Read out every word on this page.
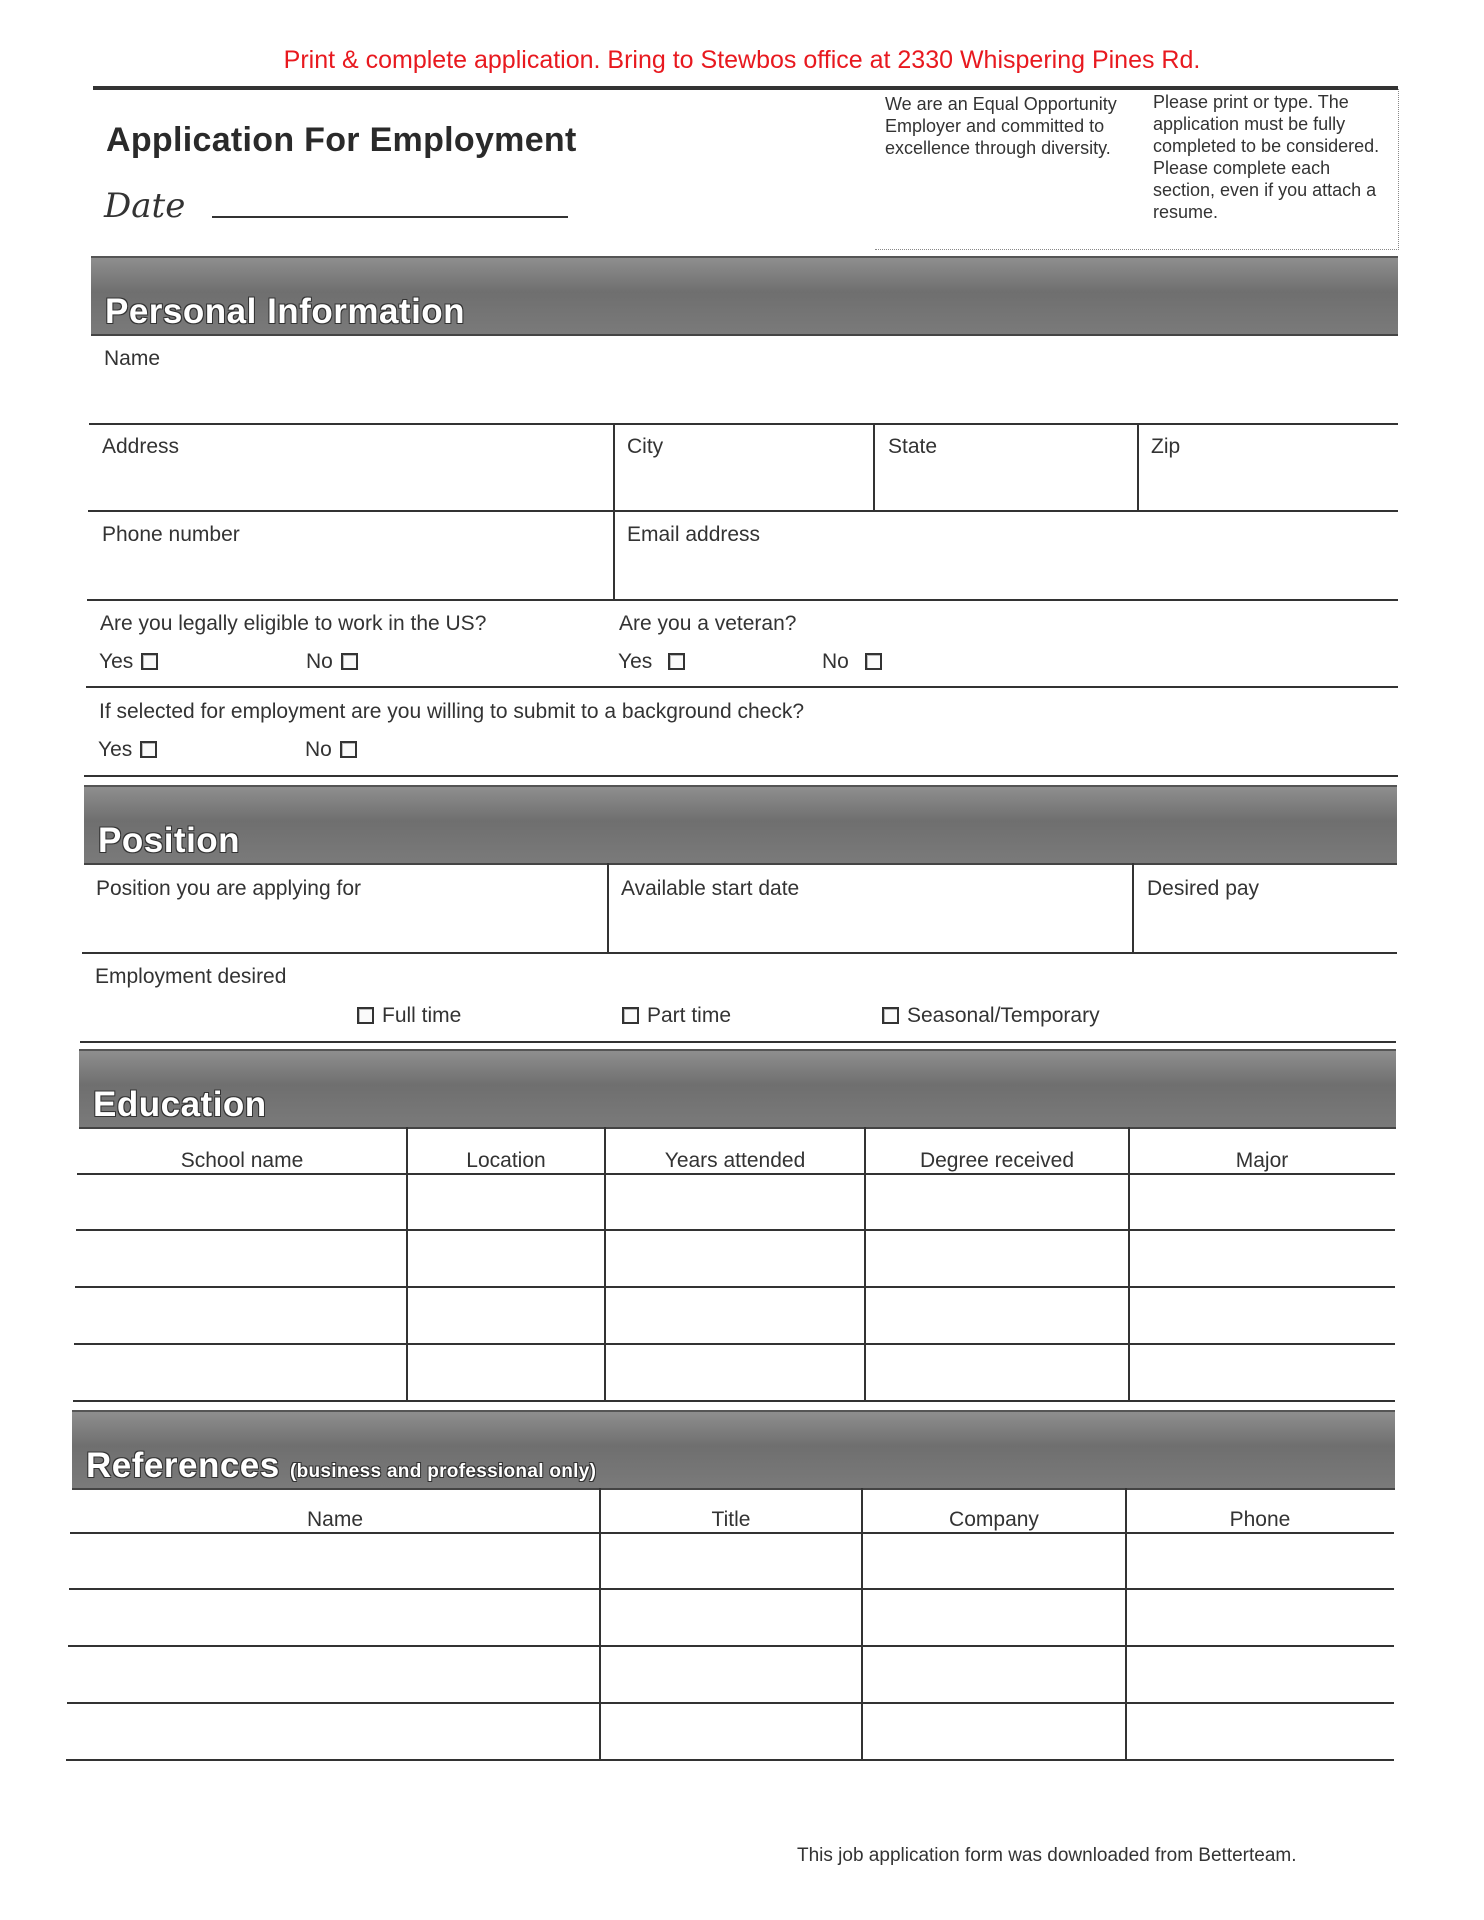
Print & complete application. Bring to Stewbos office at 2330 Whispering Pines Rd.
Application For Employment
Date
We are an Equal Opportunity Employer and committed to excellence through diversity.
Please print or type. The application must be fully completed to be considered. Please complete each section, even if you attach a resume.
Personal Information
Name
Address	City	State	Zip
Phone number	Email address
Are you legally eligible to work in the US?
Yes	No
Are you a veteran?
Yes	No
If selected for employment are you willing to submit to a background check?
Yes	No
Position
Position you are applying for	Available start date	Desired pay
Employment desired
Full time	Part time	Seasonal/Temporary
Education
School name	Location	Years attended	Degree received	Major
References (business and professional only)
Name	Title	Company	Phone
This job application form was downloaded from Betterteam.
